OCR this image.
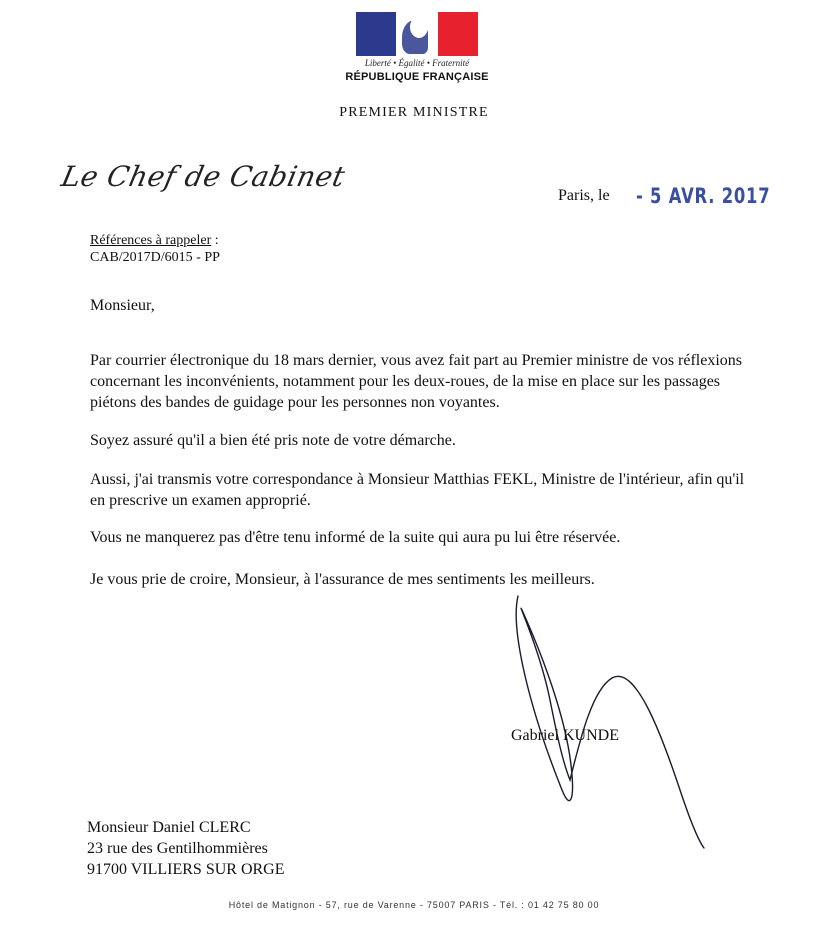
Liberté • Égalité • Fraternité
RÉPUBLIQUE FRANÇAISE
PREMIER MINISTRE
Le Chef de Cabinet
Paris, le - 5 AVR. 2017
Références à rappeler :
CAB/2017D/6015 - PP
Monsieur,
Par courrier électronique du 18 mars dernier, vous avez fait part au Premier ministre de vos réflexions concernant les inconvénients, notamment pour les deux-roues, de la mise en place sur les passages piétons des bandes de guidage pour les personnes non voyantes.
Soyez assuré qu'il a bien été pris note de votre démarche.
Aussi, j'ai transmis votre correspondance à Monsieur Matthias FEKL, Ministre de l'intérieur, afin qu'il en prescrive un examen approprié.
Vous ne manquerez pas d'être tenu informé de la suite qui aura pu lui être réservée.
Je vous prie de croire, Monsieur, à l'assurance de mes sentiments les meilleurs.
Gabriel KUNDE
Monsieur Daniel CLERC
23 rue des Gentilhommières
91700 VILLIERS SUR ORGE
Hôtel de Matignon - 57, rue de Varenne - 75007 PARIS - Tél. : 01 42 75 80 00
